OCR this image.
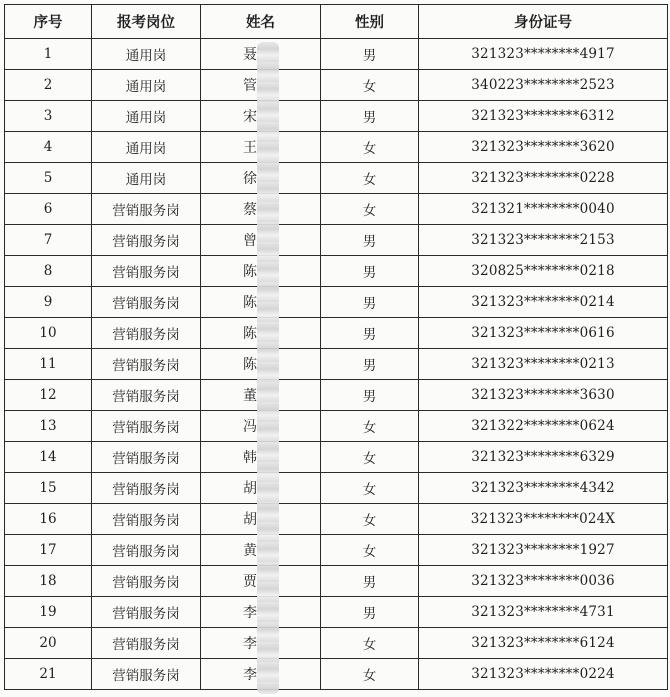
序号	报考岗位	姓名	性别	身份证号
1	通用岗	聂	男	321323********4917
2	通用岗	管	女	340223********2523
3	通用岗	宋	男	321323********6312
4	通用岗	王	女	321323********3620
5	通用岗	徐	女	321323********0228
6	营销服务岗	蔡	女	321321********0040
7	营销服务岗	曾	男	321323********2153
8	营销服务岗	陈	男	320825********0218
9	营销服务岗	陈	男	321323********0214
10	营销服务岗	陈	男	321323********0616
11	营销服务岗	陈	男	321323********0213
12	营销服务岗	董	男	321323********3630
13	营销服务岗	冯	女	321322********0624
14	营销服务岗	韩	女	321323********6329
15	营销服务岗	胡	女	321323********4342
16	营销服务岗	胡	女	321323********024X
17	营销服务岗	黄	女	321323********1927
18	营销服务岗	贾	男	321323********0036
19	营销服务岗	李	男	321323********4731
20	营销服务岗	李	女	321323********6124
21	营销服务岗	李	女	321323********0224
